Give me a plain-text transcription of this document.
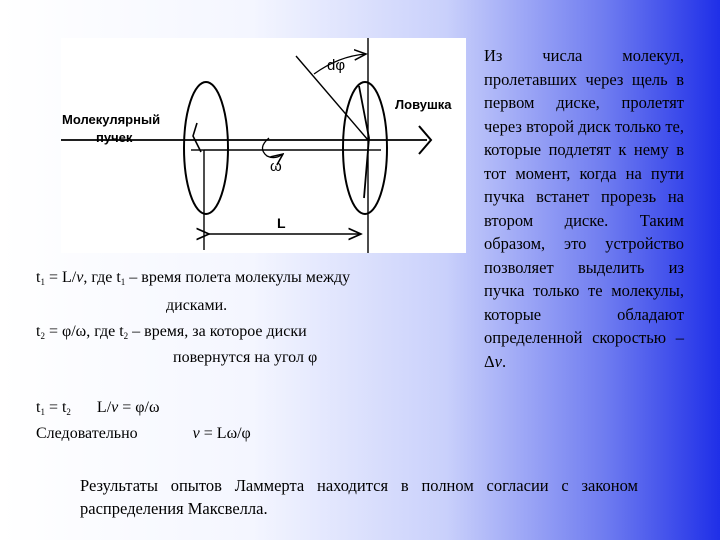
dφ
ω
L
Молекулярный
пучек
Ловушка
Из числа молекул, пролетавших через щель в первом диске, пролетят через второй диск только те, которые подлетят к нему в тот момент, когда на пути пучка встанет прорезь на втором диске. Таким образом, это устройство позволяет выделить из пучка только те молекулы, которые обладают определенной скоростью – Δv.
$t_1 = L/v$, где $t_1$ – время полета молекулы между
дисками.
$t_2 = \varphi/\omega$, где $t_2$ – время, за которое диски
повернутся на угол φ
$t_1 = t_2$ L/v = φ/ω
Следовательно	v = Lω/φ
Результаты опытов Ламмерта находится в полном согласии с законом распределения Максвелла.
